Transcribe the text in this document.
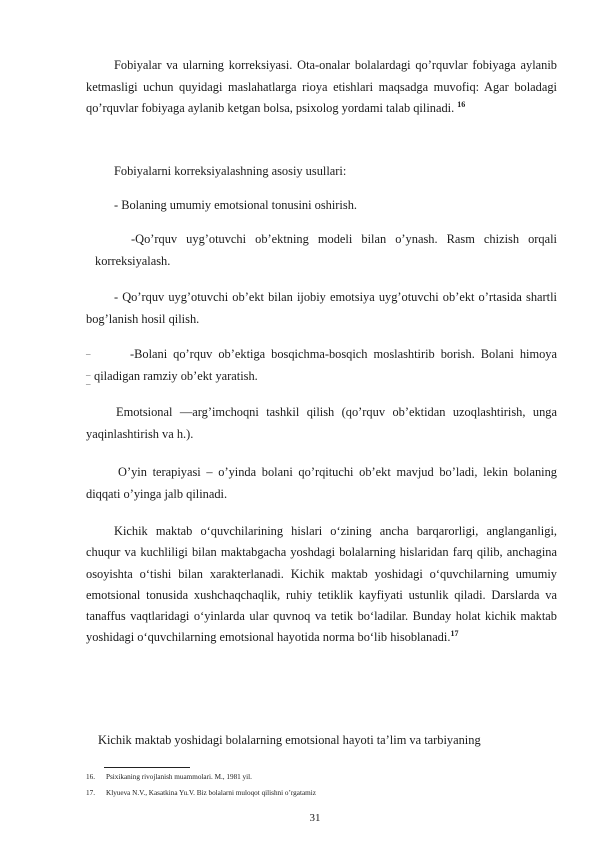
Fobiyalar va ularning korreksiyasi. Ota-onalar bolalardagi qo’rquvlar fobiyaga aylanib ketmasligi uchun quyidagi maslahatlarga rioya etishlari maqsadga muvofiq: Agar boladagi qo’rquvlar fobiyaga aylanib ketgan bolsa, psixolog yordami talab qilinadi. $^{16}$

Fobiyalarni korreksiyalashning asosiy usullari:

- Bolaning umumiy emotsional tonusini oshirish.

-Qo’rquv uyg’otuvchi ob’ektning modeli bilan o’ynash. Rasm chizish orqali korreksiyalash.

- Qo’rquv uyg’otuvchi ob’ekt bilan ijobiy emotsiya uyg’otuvchi ob’ekt o’rtasida shartli bog’lanish hosil qilish.

–
–
–

-Bolani qo’rquv ob’ektiga bosqichma-bosqich moslashtirib borish. Bolani himoya qiladigan ramziy ob’ekt yaratish.

Emotsional —arg’imchoqni tashkil qilish (qo’rquv ob’ektidan uzoqlashtirish, unga yaqinlashtirish va h.).

O’yin terapiyasi – o’yinda bolani qo’rqituchi ob’ekt mavjud bo’ladi, lekin bolaning diqqati o’yinga jalb qilinadi.

Kichik maktab o‘quvchilarining hislari o‘zining ancha barqarorligi, anglanganligi, chuqur va kuchliligi bilan maktabgacha yoshdagi bolalarning hislaridan farq qilib, anchagina osoyishta o‘tishi bilan xarakterlanadi. Kichik maktab yoshidagi o‘quvchilarning umumiy emotsional tonusida xushchaqchaqlik, ruhiy tetiklik kayfiyati ustunlik qiladi. Darslarda va tanaffus vaqtlaridagi o‘yinlarda ular quvnoq va tetik bo‘ladilar. Bunday holat kichik maktab yoshidagi o‘quvchilarning emotsional hayotida norma bo‘lib hisoblanadi.$^{17}$

Kichik maktab yoshidagi bolalarning emotsional hayoti ta’lim va tarbiyaning

16. Psixikaning rivojlanish muammolari. M., 1981 yil.
17. Klyueva N.V., Kasatkina Yu.V. Biz bolalarni muloqot qilishni o’rgatamiz
31
